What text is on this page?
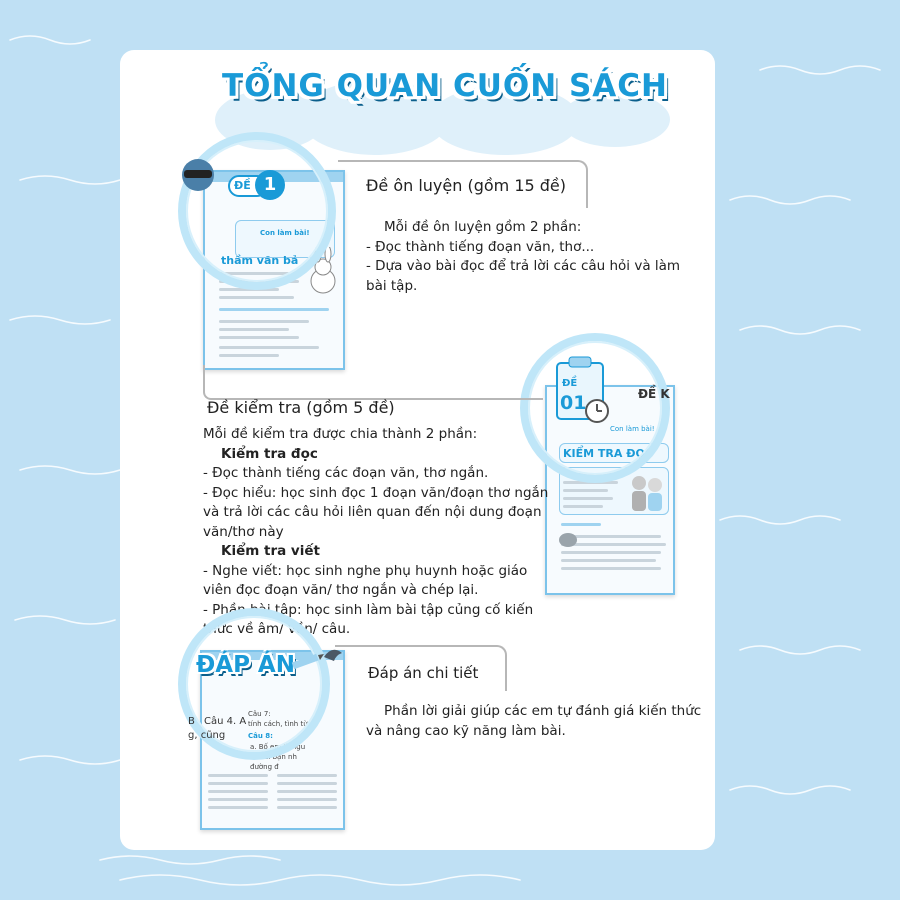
TỔNG QUAN CUỐN SÁCH
Con làm bài!
thầm văn bả
ĐỀ 1	Đề ôn luyện (gồm 15 đề)

Mỗi đề ôn luyện gồm 2 phần:

- Đọc thành tiếng đoạn văn, thơ...

- Dựa vào bài đọc để trả lời các câu hỏi và làm bài tập.

KIỂM TRA ĐỌC
ĐỀ
01	ĐỀ K
Con làm bài!
Đề kiểm tra (gồm 5 đề)

Mỗi đề kiểm tra được chia thành 2 phần:

Kiểm tra đọc

- Đọc thành tiếng các đoạn văn, thơ ngắn.

- Đọc hiểu: học sinh đọc 1 đoạn văn/đoạn thơ ngắn và trả lời các câu hỏi liên quan đến nội dung đoạn văn/thơ này

Kiểm tra viết

- Nghe viết: học sinh nghe phụ huynh hoặc giáo viên đọc đoạn văn/ thơ ngắn và chép lại.

- Phần bài tập: học sinh làm bài tập củng cố kiến thức về âm/ vần/ câu.

Câu 7:
tính cách, tình từ, t
Câu 8:
a. Bố em là ngu
b. Hai bạn nh
đường đ
B Câu 4. A
g, cũng
ĐÁP ÁN	Đáp án chi tiết

Phần lời giải giúp các em tự đánh giá kiến thức và nâng cao kỹ năng làm bài.
